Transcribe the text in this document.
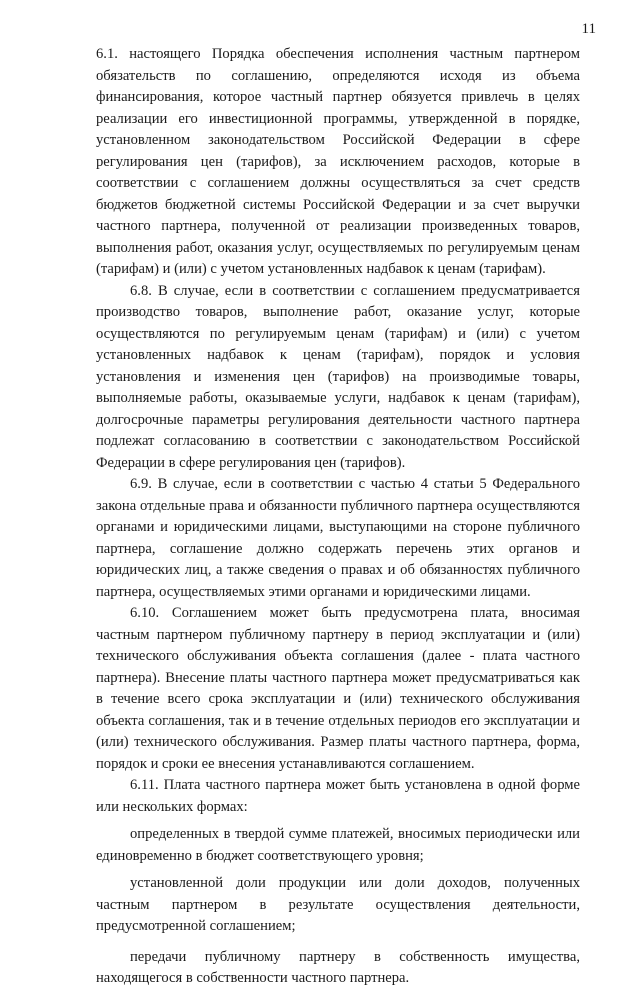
11

6.1. настоящего Порядка обеспечения исполнения частным партнером обязательств по соглашению, определяются исходя из объема финансирования, которое частный партнер обязуется привлечь в целях реализации его инвестиционной программы, утвержденной в порядке, установленном законодательством Российской Федерации в сфере регулирования цен (тарифов), за исключением расходов, которые в соответствии с соглашением должны осуществляться за счет средств бюджетов бюджетной системы Российской Федерации и за счет выручки частного партнера, полученной от реализации произведенных товаров, выполнения работ, оказания услуг, осуществляемых по регулируемым ценам (тарифам) и (или) с учетом установленных надбавок к ценам (тарифам).

6.8. В случае, если в соответствии с соглашением предусматривается производство товаров, выполнение работ, оказание услуг, которые осуществляются по регулируемым ценам (тарифам) и (или) с учетом установленных надбавок к ценам (тарифам), порядок и условия установления и изменения цен (тарифов) на производимые товары, выполняемые работы, оказываемые услуги, надбавок к ценам (тарифам), долгосрочные параметры регулирования деятельности частного партнера подлежат согласованию в соответствии с законодательством Российской Федерации в сфере регулирования цен (тарифов).

6.9. В случае, если в соответствии с частью 4 статьи 5 Федерального закона отдельные права и обязанности публичного партнера осуществляются органами и юридическими лицами, выступающими на стороне публичного партнера, соглашение должно содержать перечень этих органов и юридических лиц, а также сведения о правах и об обязанностях публичного партнера, осуществляемых этими органами и юридическими лицами.

6.10. Соглашением может быть предусмотрена плата, вносимая частным партнером публичному партнеру в период эксплуатации и (или) технического обслуживания объекта соглашения (далее - плата частного партнера). Внесение платы частного партнера может предусматриваться как в течение всего срока эксплуатации и (или) технического обслуживания объекта соглашения, так и в течение отдельных периодов его эксплуатации и (или) технического обслуживания. Размер платы частного партнера, форма, порядок и сроки ее внесения устанавливаются соглашением.

6.11. Плата частного партнера может быть установлена в одной форме или нескольких формах:

определенных в твердой сумме платежей, вносимых периодически или единовременно в бюджет соответствующего уровня;

установленной доли продукции или доли доходов, полученных частным партнером в результате осуществления деятельности, предусмотренной соглашением;

передачи публичному партнеру в собственность имущества, находящегося в собственности частного партнера.
